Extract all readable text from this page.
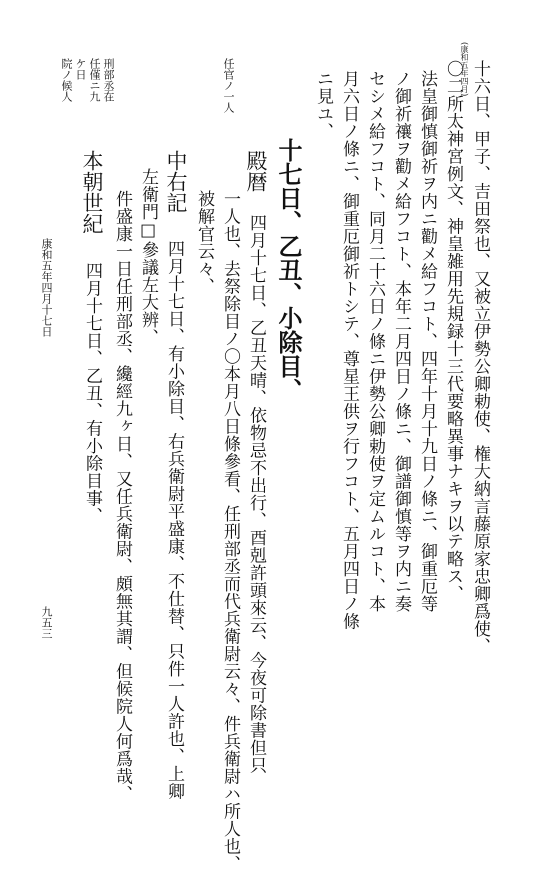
任官ノ一人
刑部丞在
任僅ニ九
ケ日
院ノ候人	(康和五年四月) 十六日、甲子、吉田祭也、又被立伊勢公卿勅使、権大納言藤原家忠卿爲使、
〇二所太神宮例文、神皇雑用先規録十三代要略異事ナキヲ以テ略ス、
法皇御慎御祈ヲ内ニ勸メ給フコト、四年十月十九日ノ條ニ、御重厄等
ノ御祈禳ヲ勸メ給フコト、本年二月四日ノ條ニ、御譜御慎等ヲ内ニ奏
セシメ給フコト、同月二十六日ノ條ニ伊勢公卿勅使ヲ定ムルコト、本
月六日ノ條ニ、御重厄御祈トシテ、尊星王供ヲ行フコト、五月四日ノ條
ニ見ユ、
十七日、乙丑、小除目、
殿暦
四月十七日、乙丑天晴、依物忌不出行、酉剋許頭來云、今夜可除書但只
一人也、去祭除目ノ〇本月八日條參看、任刑部丞而代兵衛尉云々、件兵衛尉ハ所人也、
被解官云々、
中右記
四月十七日、有小除目、右兵衛尉平盛康、不仕替、只件一人許也、上卿
左衛門□參議左大辨、
件盛康一日任刑部丞、纔經九ヶ日、又任兵衛尉、頗無其謂、但候院人何爲哉、
本朝世紀
四月十七日、乙丑、有小除目事、
康和五年四月十七日
九五三
